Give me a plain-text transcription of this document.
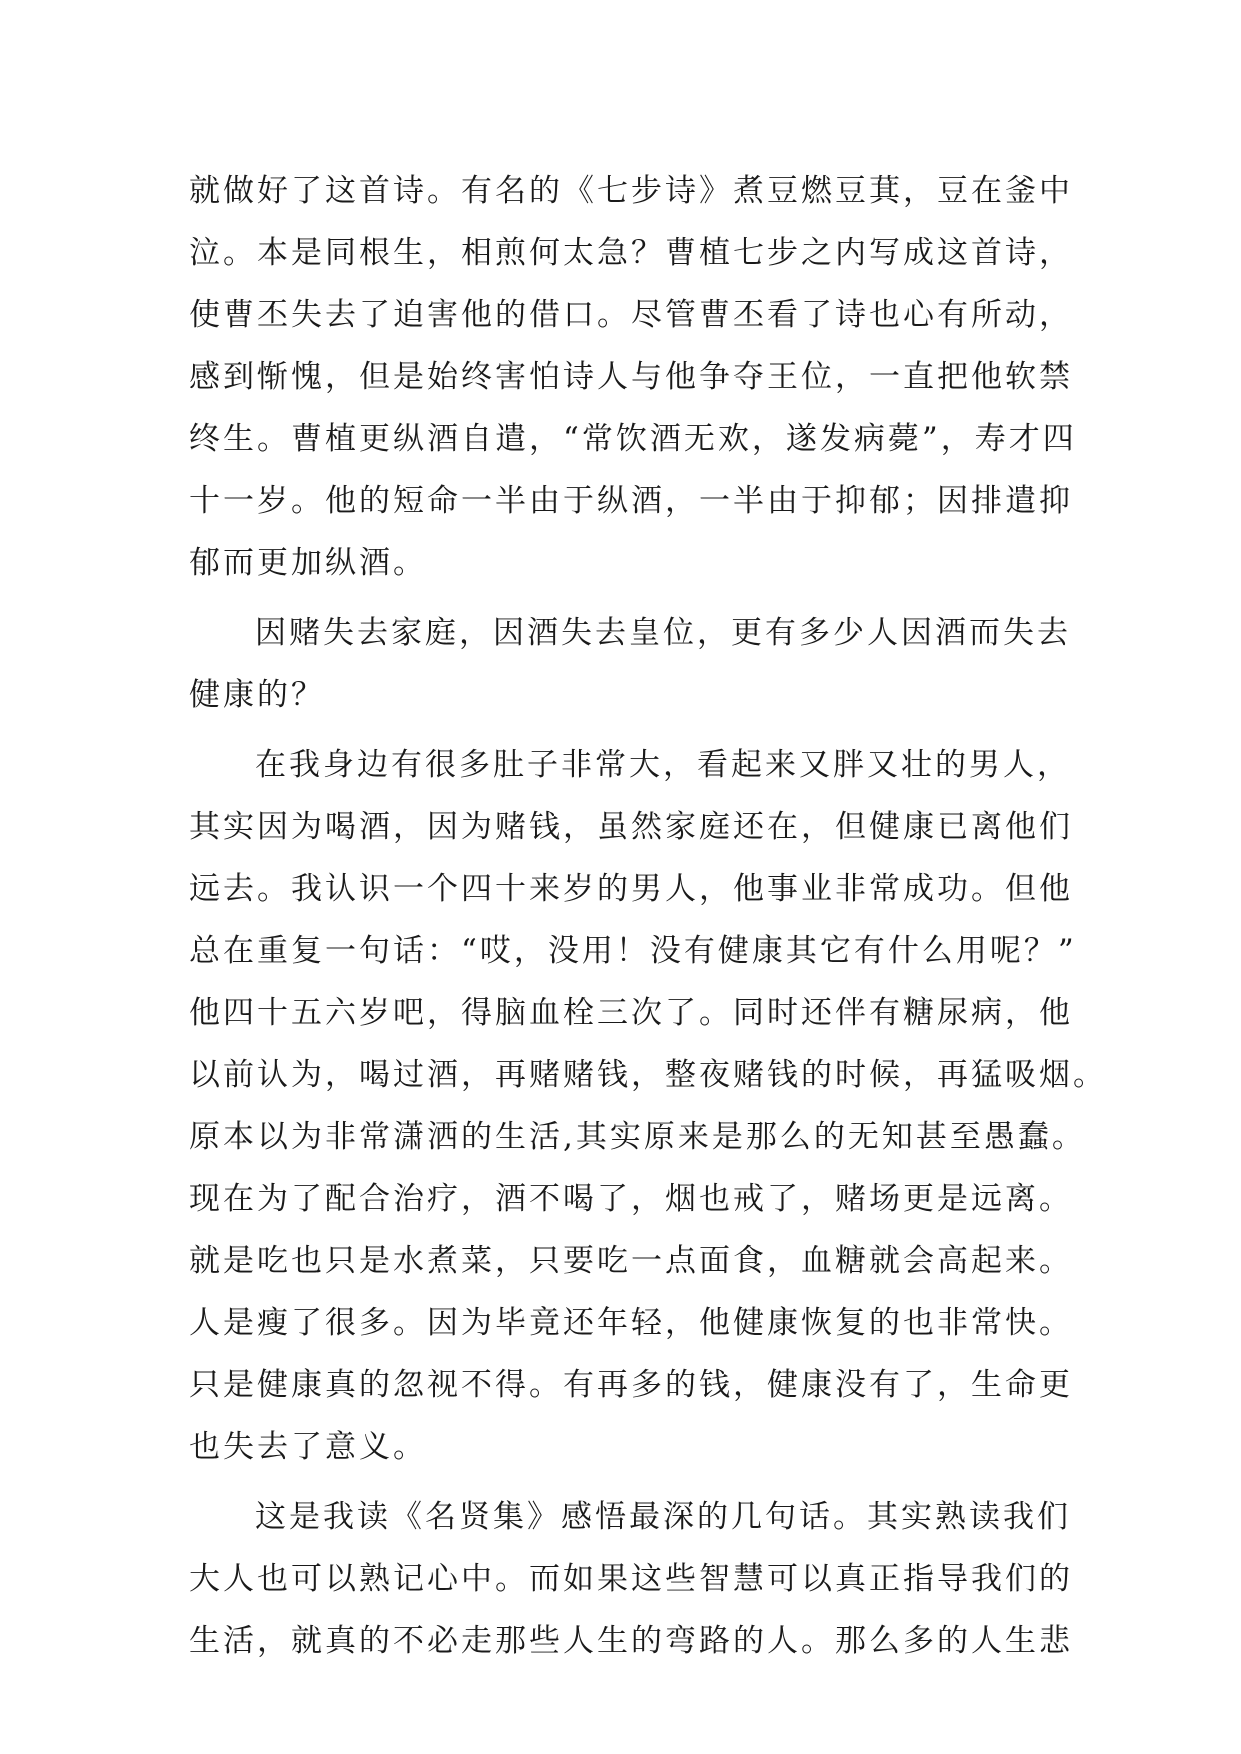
就做好了这首诗。有名的《七步诗》煮豆燃豆萁，豆在釜中
泣。本是同根生，相煎何太急？曹植七步之内写成这首诗，
使曹丕失去了迫害他的借口。尽管曹丕看了诗也心有所动，
感到惭愧，但是始终害怕诗人与他争夺王位，一直把他软禁
终生。曹植更纵酒自遣，“常饮酒无欢，遂发病薨”，寿才四
十一岁。他的短命一半由于纵酒，一半由于抑郁；因排遣抑
郁而更加纵酒。
因赌失去家庭，因酒失去皇位，更有多少人因酒而失去
健康的？
在我身边有很多肚子非常大，看起来又胖又壮的男人，
其实因为喝酒，因为赌钱，虽然家庭还在，但健康已离他们
远去。我认识一个四十来岁的男人，他事业非常成功。但他
总在重复一句话：“哎，没用！没有健康其它有什么用呢？”
他四十五六岁吧，得脑血栓三次了。同时还伴有糖尿病，他
以前认为，喝过酒，再赌赌钱，整夜赌钱的时候，再猛吸烟。
原本以为非常潇洒的生活,其实原来是那么的无知甚至愚蠢。
现在为了配合治疗，酒不喝了，烟也戒了，赌场更是远离。
就是吃也只是水煮菜，只要吃一点面食，血糖就会高起来。
人是瘦了很多。因为毕竟还年轻，他健康恢复的也非常快。
只是健康真的忽视不得。有再多的钱，健康没有了，生命更
也失去了意义。
这是我读《名贤集》感悟最深的几句话。其实熟读我们
大人也可以熟记心中。而如果这些智慧可以真正指导我们的
生活，就真的不必走那些人生的弯路的人。那么多的人生悲
